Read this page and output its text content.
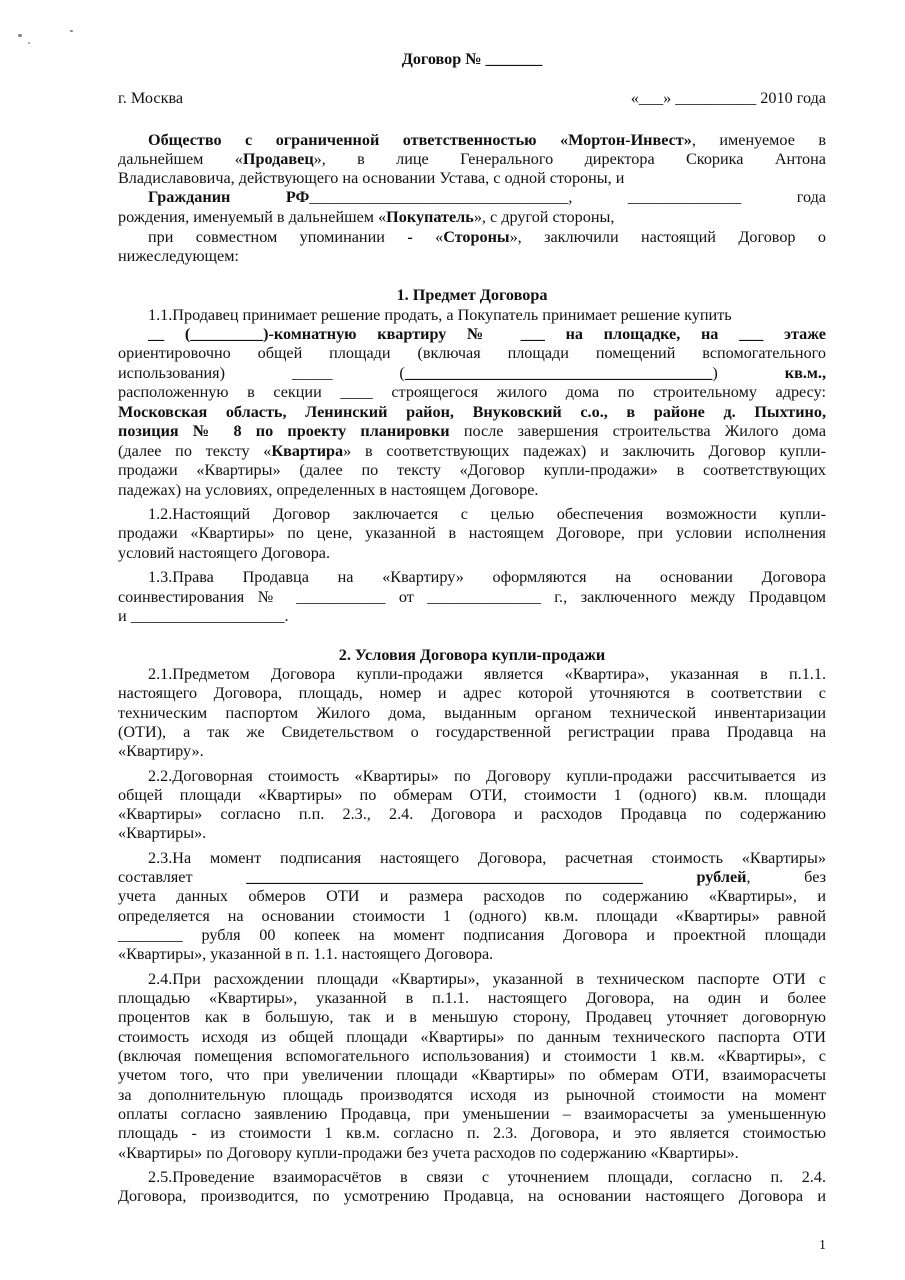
Договор № _______
г. Москва	«___» __________ 2010 года
Общество с ограниченной ответственностью «Мортон-Инвест», именуемое в
дальнейшем «Продавец», в лице Генерального директора Скорика Антона
Владиславовича, действующего на основании Устава, с одной стороны, и
Гражданин РФ________________________________, ______________ года
рождения, именуемый в дальнейшем «Покупатель», с другой стороны,
при совместном упоминании - «Стороны», заключили настоящий Договор о
нижеследующем:
1. Предмет Договора
1.1.Продавец принимает решение продать, а Покупатель принимает решение купить
__ (_________)-комнатную квартиру № ___ на площадке, на ___ этаже
ориентировочно общей площади (включая площади помещений вспомогательного
использования) _____ (______________________________________) кв.м.,
расположенную в секции ____ строящегося жилого дома по строительному адресу:
Московская область, Ленинский район, Внуковский с.о., в районе д. Пыхтино,
позиция № 8 по проекту планировки после завершения строительства Жилого дома
(далее по тексту «Квартира» в соответствующих падежах) и заключить Договор купли-
продажи «Квартиры» (далее по тексту «Договор купли-продажи» в соответствующих
падежах) на условиях, определенных в настоящем Договоре.
1.2.Настоящий Договор заключается с целью обеспечения возможности купли-
продажи «Квартиры» по цене, указанной в настоящем Договоре, при условии исполнения
условий настоящего Договора.
1.3.Права Продавца на «Квартиру» оформляются на основании Договора
соинвестирования № ___________ от ______________ г., заключенного между Продавцом
и ___________________.
2. Условия Договора купли-продажи
2.1.Предметом Договора купли-продажи является «Квартира», указанная в п.1.1.
настоящего Договора, площадь, номер и адрес которой уточняются в соответствии с
техническим паспортом Жилого дома, выданным органом технической инвентаризации
(ОТИ), а так же Свидетельством о государственной регистрации права Продавца на
«Квартиру».
2.2.Договорная стоимость «Квартиры» по Договору купли-продажи рассчитывается из
общей площади «Квартиры» по обмерам ОТИ, стоимости 1 (одного) кв.м. площади
«Квартиры» согласно п.п. 2.3., 2.4. Договора и расходов Продавца по содержанию
«Квартиры».
2.3.На момент подписания настоящего Договора, расчетная стоимость «Квартиры»
составляет _________________________________________________	рублей, без
учета данных обмеров ОТИ и размера расходов по содержанию «Квартиры», и
определяется на основании стоимости 1 (одного) кв.м. площади «Квартиры» равной
________ рубля 00 копеек на момент подписания Договора и проектной площади
«Квартиры», указанной в п. 1.1. настоящего Договора.
2.4.При расхождении площади «Квартиры», указанной в техническом паспорте ОТИ с
площадью «Квартиры», указанной в п.1.1. настоящего Договора, на один и более
процентов как в большую, так и в меньшую сторону, Продавец уточняет договорную
стоимость исходя из общей площади «Квартиры» по данным технического паспорта ОТИ
(включая помещения вспомогательного использования) и стоимости 1 кв.м. «Квартиры», с
учетом того, что при увеличении площади «Квартиры» по обмерам ОТИ, взаиморасчеты
за дополнительную площадь производятся исходя из рыночной стоимости на момент
оплаты согласно заявлению Продавца, при уменьшении – взаиморасчеты за уменьшенную
площадь - из стоимости 1 кв.м. согласно п. 2.3. Договора, и это является стоимостью
«Квартиры» по Договору купли-продажи без учета расходов по содержанию «Квартиры».
2.5.Проведение взаиморасчётов в связи с уточнением площади, согласно п. 2.4.
Договора, производится, по усмотрению Продавца, на основании настоящего Договора и
1
